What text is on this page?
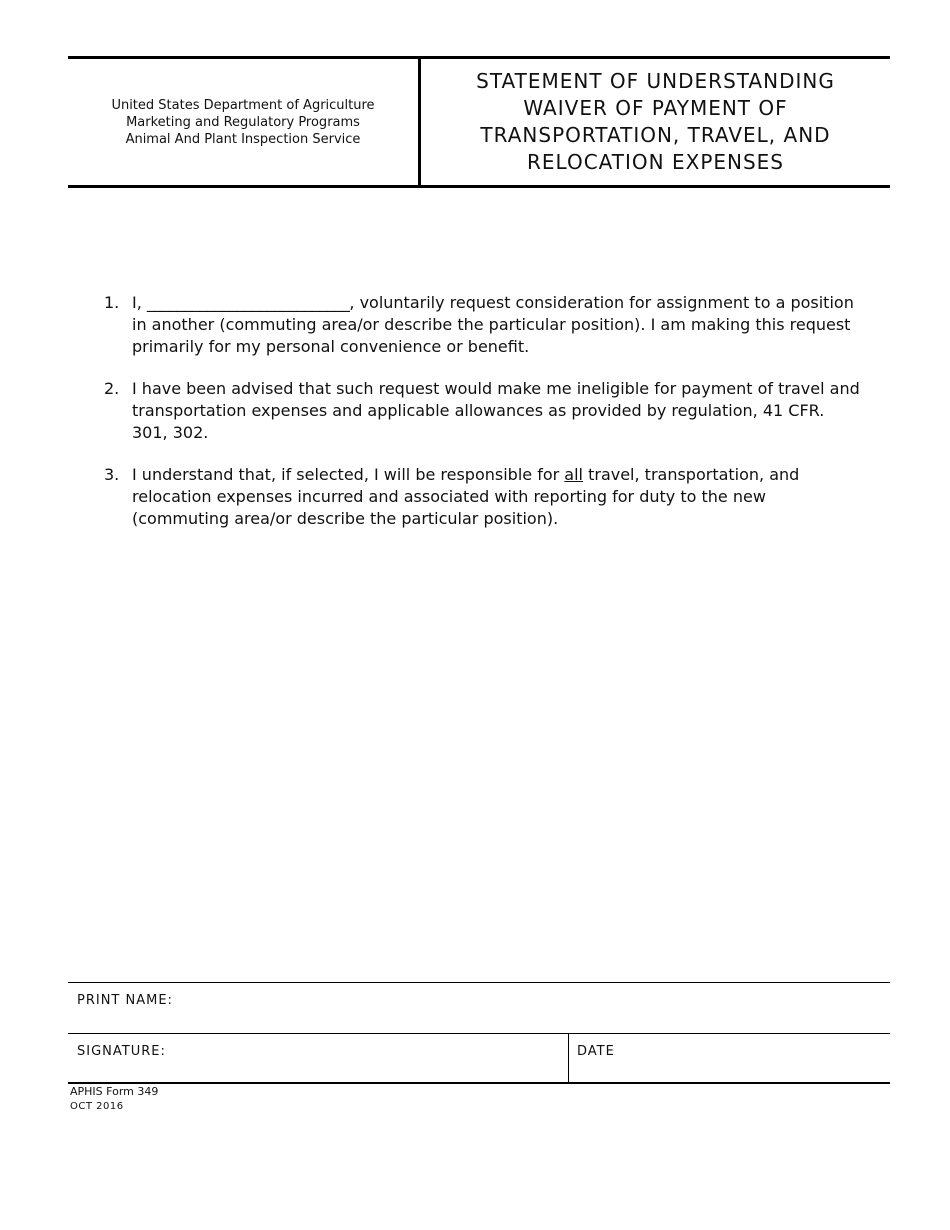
United States Department of Agriculture
Marketing and Regulatory Programs
Animal And Plant Inspection Service
STATEMENT OF UNDERSTANDING
WAIVER OF PAYMENT OF
TRANSPORTATION, TRAVEL, AND
RELOCATION EXPENSES
1. I, ___________________________, voluntarily request consideration for assignment to a position in another (commuting area/or describe the particular position). I am making this request primarily for my personal convenience or benefit.
2. I have been advised that such request would make me ineligible for payment of travel and transportation expenses and applicable allowances as provided by regulation, 41 CFR. 301, 302.
3. I understand that, if selected, I will be responsible for all travel, transportation, and relocation expenses incurred and associated with reporting for duty to the new (commuting area/or describe the particular position).
PRINT NAME:
SIGNATURE:	DATE
APHIS Form 349
OCT 2016
